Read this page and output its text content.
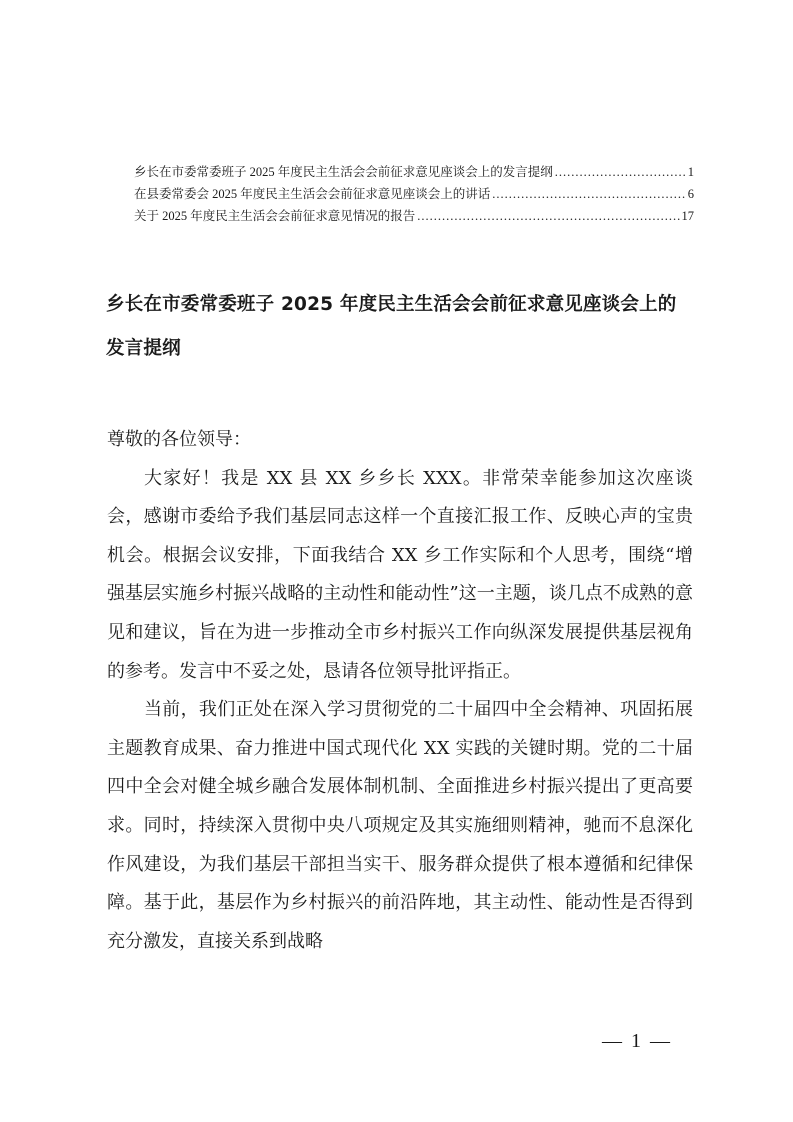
乡长在市委常委班子 2025 年度民主生活会会前征求意见座谈会上的发言提纲 .....	1
在县委常委会 2025 年度民主生活会会前征求意见座谈会上的讲话 .....	6
关于 2025 年度民主生活会会前征求意见情况的报告 .....	17
乡长在市委常委班子 2025 年度民主生活会会前征求意见座谈会上的
发言提纲

尊敬的各位领导：

大家好！我是 XX 县 XX 乡乡长 XXX。非常荣幸能参加这次座谈会，感谢市委给予我们基层同志这样一个直接汇报工作、反映心声的宝贵机会。根据会议安排，下面我结合 XX 乡工作实际和个人思考，围绕“增强基层实施乡村振兴战略的主动性和能动性”这一主题，谈几点不成熟的意见和建议，旨在为进一步推动全市乡村振兴工作向纵深发展提供基层视角的参考。发言中不妥之处，恳请各位领导批评指正。

当前，我们正处在深入学习贯彻党的二十届四中全会精神、巩固拓展主题教育成果、奋力推进中国式现代化 XX 实践的关键时期。党的二十届四中全会对健全城乡融合发展体制机制、全面推进乡村振兴提出了更高要求。同时，持续深入贯彻中央八项规定及其实施细则精神，驰而不息深化作风建设，为我们基层干部担当实干、服务群众提供了根本遵循和纪律保障。基于此，基层作为乡村振兴的前沿阵地，其主动性、能动性是否得到充分激发，直接关系到战略

— 1 —
